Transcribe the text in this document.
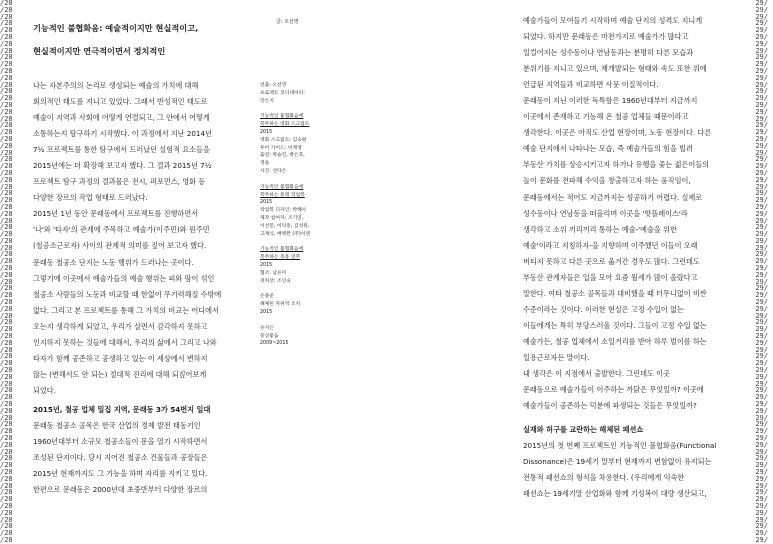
/28
/28
/28
/28
/28
/28
/28
/28
/28
/28
/28
/28
/28
/28
/28
/28
/28
/28
/28
/28
/28
/28
/28
/28
/28
/28
/28
/28
/28
/28
/28
/28
/28
/28
/28
/28
/28
/28
/28
/28
/28
/28
/28
/28
/28
/28
/28
/28
/28
/28
/28
/28
/28
/28
/28
/28
/28
/28
/28
/28
/28
/28
/28
/28
/28
/28
/28
/28
/28
/28
/28
/28
/28
/28
/28
/28
/28
/28
/28
/28
29/
29/
29/
29/
29/
29/
29/
29/
29/
29/
29/
29/
29/
29/
29/
29/
29/
29/
29/
29/
29/
29/
29/
29/
29/
29/
29/
29/
29/
29/
29/
29/
29/
29/
29/
29/
29/
29/
29/
29/
29/
29/
29/
29/
29/
29/
29/
29/
29/
29/
29/
29/
29/
29/
29/
29/
29/
29/
29/
29/
29/
29/
29/
29/
29/
29/
29/
29/
29/
29/
29/
29/
29/
29/
29/
29/
29/
29/
29/
29/
기능적인 불협화음: 예술적이지만 현실적이고,
현실적이지만 연극적이면서 정치적인
글: 오선영

나는 자본주의의 논리로 생성되는 예술의 가치에 대해

회의적인 태도를 지니고 있었다. 그래서 반성적인 태도로

예술이 지역과 사회에 어떻게 연결되고, 그 안에서 어떻게

소통하는지 탐구하기 시작했다. 이 과정에서 지난 2014년

7½ 프로젝트를 통한 탐구에서 드러났던 실험적 요소들을

2015년에는 더 확장해 보고자 했다. 그 결과 2015년 7½

프로젝트 탐구 과정의 결과물은 전시, 퍼포먼스, 영화 등

다양한 장르의 작업 형태로 드러났다.

2015년 1년 동안 문래동에서 프로젝트를 진행하면서

'나'와 '타자'의 관계에 주목하고 예술가(이주민)와 원주민

(철공소근로자) 사이의 관계적 의미를 짚어 보고자 했다.

문래동 철공소 단지는 노동 행위가 드러나는 곳이다.

그렇기에 이곳에서 예술가들의 예술 행위는 피와 땀이 섞인

철공소 사람들의 노동과 비교할 때 한없이 무기력해질 수밖에

없다. 그리고 본 프로젝트를 통해 그 가치의 비교는 어디에서

오는지 생각하게 되었고, 우리가 살면서 감각하지 못하고

인지하지 못하는 것들에 대해서, 우리의 삶에서 그리고 나와

타자가 함께 공존하고 공생하고 있는 이 세상에서 변하지

않는 (변해서도 안 되는) 절대적 진리에 대해 되짚어보게

되었다.

2015년, 철공 업체 밀집 지역, 문래동 3가 54번지 일대

문래동 철공소 골목은 한국 산업의 경제 발전 태동기인

1960년대부터 소규모 철공소들이 문을 열기 시작하면서

조성된 단지이다. 당시 지어진 철공소 건물들과 공장들은

2015년 현재까지도 그 기능을 하며 자리를 지키고 있다.

한편으로 문래동은 2000년대 초중반부터 다양한 장르의

연출: 오선영
프로젝트 코디네이터:
강은지
기능적인 불협화음에
복무하는 영화 스크립트
2015
영화 스크립트: 김숙현
투어 가이드: 이계영
출연: 박슬진, 박은호,
정솔
사진: 선다은
기능적인 불협화음에
복무하는 문래 작업복
2015
작업복 디자인: 박혜수
제작 참여자: 조기연,
이선봉, 이덕흥, 김성원,
고재식, 배병완 (주)이덴
기능적인 불협화음에
복무하는 즉흥 연주
2015
협조: 남유미
퍼커션: 조인숙
손종준
해체된 자위적 조치
2015
유지은
풍상좋음
2009~2015

예술가들이 모여들기 시작하며 예술 단지의 성격도 지니게

되었다. 하지만 문래동은 마찬가지로 예술가가 많다고

일컬어지는 성수동이나 연남동과는 분명히 다른 모습과

분위기를 지니고 있으며, 재개발되는 형태와 속도 또한 위에

언급된 지역들과 비교하면 사뭇 이질적이다.

문래동이 지닌 이러한 독특함은 1960년대부터 지금까지

이곳에서 존재하고 기능해 온 철공 업체들 때문이라고

생각한다. 이곳은 아직도 산업 현장이며, 노동 현장이다. 다른

예술 단지에서 나타나는 모습, 즉 예술가들의 힘을 빌려

부동산 가치를 상승시키고자 하거나 유행을 좇는 젊은이들의

놀이 문화를 전파해 수익을 창출하고자 하는 움직임이,

문래동에서는 적어도 지금까지는 성공하기 어렵다. 실제로

성수동이나 연남동을 떠올리며 이곳을 '핫플레이스'라

생각하고 소위 끼리끼리 통하는 예술-'예술을 위한

예술'이라고 지칭하자-을 지향하며 이주했던 이들이 오래

버티지 못하고 다른 곳으로 옮겨간 경우도 많다. 그런데도

부동산 관계자들은 입을 모아 요즘 월세가 많이 올랐다고

말한다. 여타 철공소 골목들과 대비했을 때 터무니없이 비싼

수준이라는 것이다. 이러한 현실은 고정 수입이 없는

이들에게는 특히 부당스러울 것이다. 그들이 고정 수입 없는

예술가든, 철공 업체에서 소일거리를 받아 하루 벌이를 하는

일용근로자든 말이다.

내 생각은 이 지점에서 출발한다. 그런데도 이곳

문래동으로 예술가들이 이주하는 까닭은 무엇일까? 이곳에

예술가들이 공존하는 덕분에 파생되는 것들은 무엇일까?

실재와 허구를 교란하는 해체된 패션쇼

2015년의 첫 번째 프로젝트인 기능적인 불협화음(Functional

Dissonance)은 19세기 말부터 현재까지 변함없이 유지되는

전통적 패션쇼의 형식을 차용한다. (우리에게 익숙한

패션쇼는 19세기말 산업화와 함께 기성복이 대량 생산되고,
